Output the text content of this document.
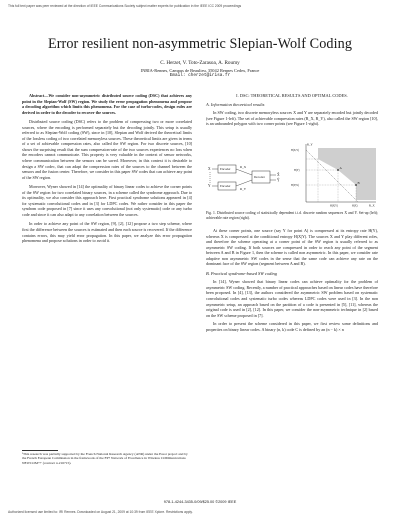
This full text paper was peer reviewed at the direction of IEEE Communications Society subject matter experts for publication in the IEEE ICC 2009 proceedings
Error resilient non-asymmetric Slepian-Wolf Coding
C. Herzet, V. Toto-Zarasoa, A. Roumy
INRIA-Rennes, Campus de Beaulieu, 35042 Rennes Cedex, France
Email: cherzet@irisa.fr

Abstract—We consider non-asymmetric distributed source coding (DSC) that achieves any point in the Slepian-Wolf (SW) region. We study the error propagation phenomena and propose a decoding algorithm which limits this phenomena. For the case of turbo-codes, design rules are derived in order to the decoder to recover the sources.

Distributed source coding (DSC) refers to the problem of compressing two or more correlated sources, where the encoding is performed separately but the decoding jointly. This setup is usually referred to as Slepian-Wolf coding (SW), since in [10], Slepian and Wolf derived the theoretical limits of the lossless coding of two correlated memoryless sources. These theoretical limits are given in terms of a set of achievable compression rates, also called the SW region. For two discrete sources, [10] shows the surprising result that the sum compression-rate of the two sources experiences no loss when the encoders cannot communicate. This property is very valuable in the context of sensor networks, where communication between the sensors can be saved. Moreover, in this context it is desirable to design a SW codec, that can adapt the compression rates of the sources to the channel between the sensors and the fusion center. Therefore, we consider in this paper SW codes that can achieve any point of the SW region.

Moreover, Wyner showed in [14] the optimality of binary linear codes to achieve the corner points of the SW region for two correlated binary sources, in a scheme called the syndrome approach. Due to its optimality, we also consider this approach here. First practical syndrome solutions appeared in [4] for systematic convolutional codes and in [3] for LDPC codes. We rather consider in this paper the syndrom code proposed in [7] since it uses any convolutional (not only systematic) code or any turbo code and since it can also adapt to any correlation between the sources.

In order to achieve any point of the SW region, [9], [2], [12] propose a two step scheme, where first the difference between the sources is estimated and then each source is recovered. If the difference contains errors, this may yield error propagation. In this paper, we analyze this error propagation phenomena and propose solutions in order to avoid it.

¹This research was partially supported by the French National Research Agency (ANR) under the Essor project and by the French European Commission in the framework of the FP7 Network of Excellence in Wireless COMmunications NEWCOM++ (contract n.216715).
I. DSC: THEORETICAL RESULTS AND OPTIMAL CODES.
A. Information theoretical results

In SW coding, two discrete memoryless sources X and Y are separately encoded but jointly decoded (see Figure 1-left). The set of achievable compression rates (R_X, R_Y), also called the SW region [10], is an unbounded polygon with two corner points (see Figure 1-right).

X
Y
Encoder
Encoder
R_X
R_Y
Decoder
X̂
Ŷ
A
B
R_Y
R_X
H(X,Y)
H(Y)
H(Y|X)
H(X|Y)	H(X)
Fig. 1. Distributed source coding of statistically dependent i.i.d. discrete random sequences X and Y. Set-up (left); achievable rate region (right).

At these corner points, one source (say Y for point A) is compressed at its entropy rate H(Y), whereas X is compressed at the conditional entropy H(X|Y). The sources X and Y play different roles, and therefore the scheme operating at a corner point of the SW region is usually referred to as asymmetric SW coding. If both sources are compressed in order to reach any point of the segment between A and B in Figure 1, then the scheme is called non asymmetric. In this paper, we consider rate adaptive non asymmetric SW codes in the sense that the same code can achieve any rate on the dominant face of the SW region (segment between A and B).

B. Practical syndrome-based SW coding

In [14], Wyner showed that binary linear codes can achieve optimality for the problem of asymmetric SW coding. Recently, a number of practical approaches based on linear codes have therefore been proposed. In [4], [13], the authors considered the asymmetric SW problem based on systematic convolutional codes and systematic turbo codes whereas LDPC codes were used in [3]. In the non asymmetric setup, an approach based on the partition of a code is presented in [5], [11], whereas the original code is used in [2], [12]. In this paper, we consider the non-asymmetric technique in [2] based on the SW scheme proposed in [7].

In order to present the scheme considered in this paper, we first review some definitions and properties on binary linear codes. A binary (n, k) code C is defined by an (n − k) × n

978-1-4244-3435-0/09/$25.00 ©2009 IEEE
Authorized licensed use limited to: IRI Rennes. Downloaded on August 21, 2009 at 10:39 from IEEE Xplore. Restrictions apply.
